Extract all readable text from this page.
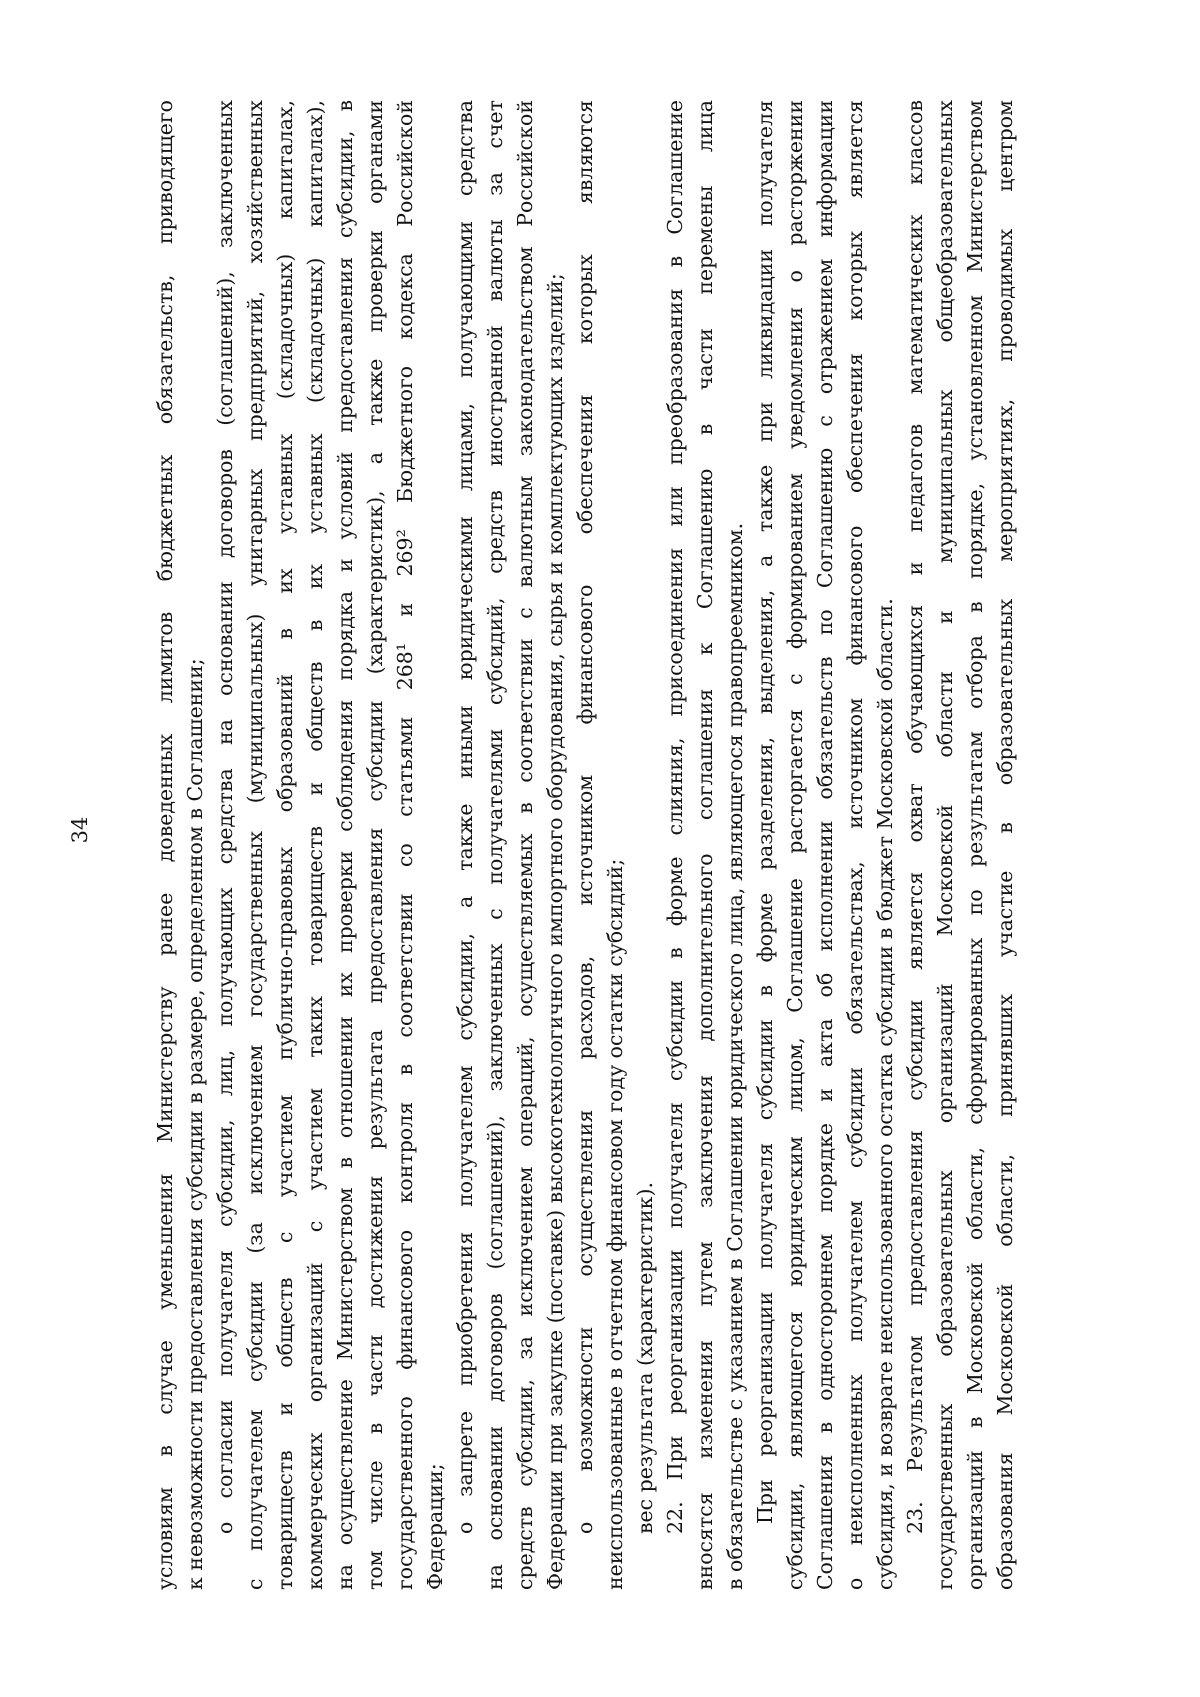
34	условиям в случае уменьшения Министерству ранее доведенных лимитов бюджетных обязательств, приводящего к невозможности предоставления субсидии в размере, определенном в Соглашении; о согласии получателя субсидии, лиц, получающих средства на основании договоров (соглашений), заключенных с получателем субсидии (за исключением государственных (муниципальных) унитарных предприятий, хозяйственных товариществ и обществ с участием публично-правовых образований в их уставных (складочных) капиталах, коммерческих организаций с участием таких товариществ и обществ в их уставных (складочных) капиталах), на осуществление Министерством в отношении их проверки соблюдения порядка и условий предоставления субсидии, в том числе в части достижения результата предоставления субсидии (характеристик), а также проверки органами государственного финансового контроля в соответствии со статьями 268¹ и 269² Бюджетного кодекса Российской Федерации; о запрете приобретения получателем субсидии, а также иными юридическими лицами, получающими средства на основании договоров (соглашений), заключенных с получателями субсидий, средств иностранной валюты за счет средств субсидии, за исключением операций, осуществляемых в соответствии с валютным законодательством Российской Федерации при закупке (поставке) высокотехнологичного импортного оборудования, сырья и комплектующих изделий; о возможности осуществления расходов, источником финансового обеспечения которых являются неиспользованные в отчетном финансовом году остатки субсидий; вес результата (характеристик). 22. При реорганизации получателя субсидии в форме слияния, присоединения или преобразования в Соглашение вносятся изменения путем заключения дополнительного соглашения к Соглашению в части перемены лица в обязательстве с указанием в Соглашении юридического лица, являющегося правопреемником. При реорганизации получателя субсидии в форме разделения, выделения, а также при ликвидации получателя субсидии, являющегося юридическим лицом, Соглашение расторгается с формированием уведомления о расторжении Соглашения в одностороннем порядке и акта об исполнении обязательств по Соглашению с отражением информации о неисполненных получателем субсидии обязательствах, источником финансового обеспечения которых является субсидия, и возврате неиспользованного остатка субсидии в бюджет Московской области. 23. Результатом предоставления субсидии является охват обучающихся и педагогов математических классов государственных образовательных организаций Московской области и муниципальных общеобразовательных организаций в Московской области, сформированных по результатам отбора в порядке, установленном Министерством образования Московской области, принявших участие в образовательных мероприятиях, проводимых центром
